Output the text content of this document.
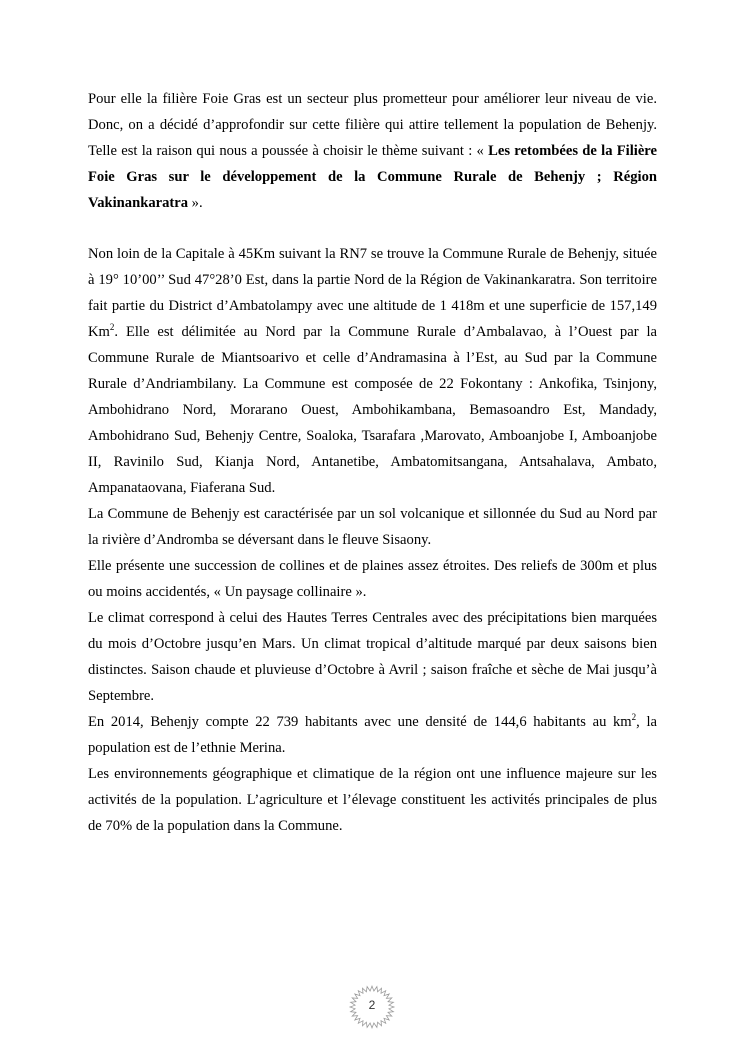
Pour elle la filière Foie Gras est un secteur plus prometteur pour améliorer leur niveau de vie. Donc, on a décidé d’approfondir sur cette filière qui attire tellement la population de Behenjy. Telle est la raison qui nous a poussée à choisir le thème suivant : « Les retombées de la Filière Foie Gras sur le développement de la Commune Rurale de Behenjy ; Région Vakinankaratra ».

Non loin de la Capitale à 45Km suivant la RN7 se trouve la Commune Rurale de Behenjy, située à 19° 10’00’’ Sud 47°28’0 Est, dans la partie Nord de la Région de Vakinankaratra. Son territoire fait partie du District d’Ambatolampy avec une altitude de 1 418m et une superficie de 157,149 Km$^2$. Elle est délimitée au Nord par la Commune Rurale d’Ambalavao, à l’Ouest par la Commune Rurale de Miantsoarivo et celle d’Andramasina à l’Est, au Sud par la Commune Rurale d’Andriambilany. La Commune est composée de 22 Fokontany : Ankofika, Tsinjony, Ambohidrano Nord, Morarano Ouest, Ambohikambana, Bemasoandro Est, Mandady, Ambohidrano Sud, Behenjy Centre, Soaloka, Tsarafara ,Marovato, Amboanjobe I, Amboanjobe II, Ravinilo Sud, Kianja Nord, Antanetibe, Ambatomitsangana, Antsahalava, Ambato, Ampanataovana, Fiaferana Sud.

La Commune de Behenjy est caractérisée par un sol volcanique et sillonnée du Sud au Nord par la rivière d’Andromba se déversant dans le fleuve Sisaony.

Elle présente une succession de collines et de plaines assez étroites. Des reliefs de 300m et plus ou moins accidentés, « Un paysage collinaire ».

Le climat correspond à celui des Hautes Terres Centrales avec des précipitations bien marquées du mois d’Octobre jusqu’en Mars. Un climat tropical d’altitude marqué par deux saisons bien distinctes. Saison chaude et pluvieuse d’Octobre à Avril ; saison fraîche et sèche de Mai jusqu’à Septembre.

En 2014, Behenjy compte 22 739 habitants avec une densité de 144,6 habitants au $km^2$, la population est de l’ethnie Merina.

Les environnements géographique et climatique de la région ont une influence majeure sur les activités de la population. L’agriculture et l’élevage constituent les activités principales de plus de 70% de la population dans la Commune.

2
